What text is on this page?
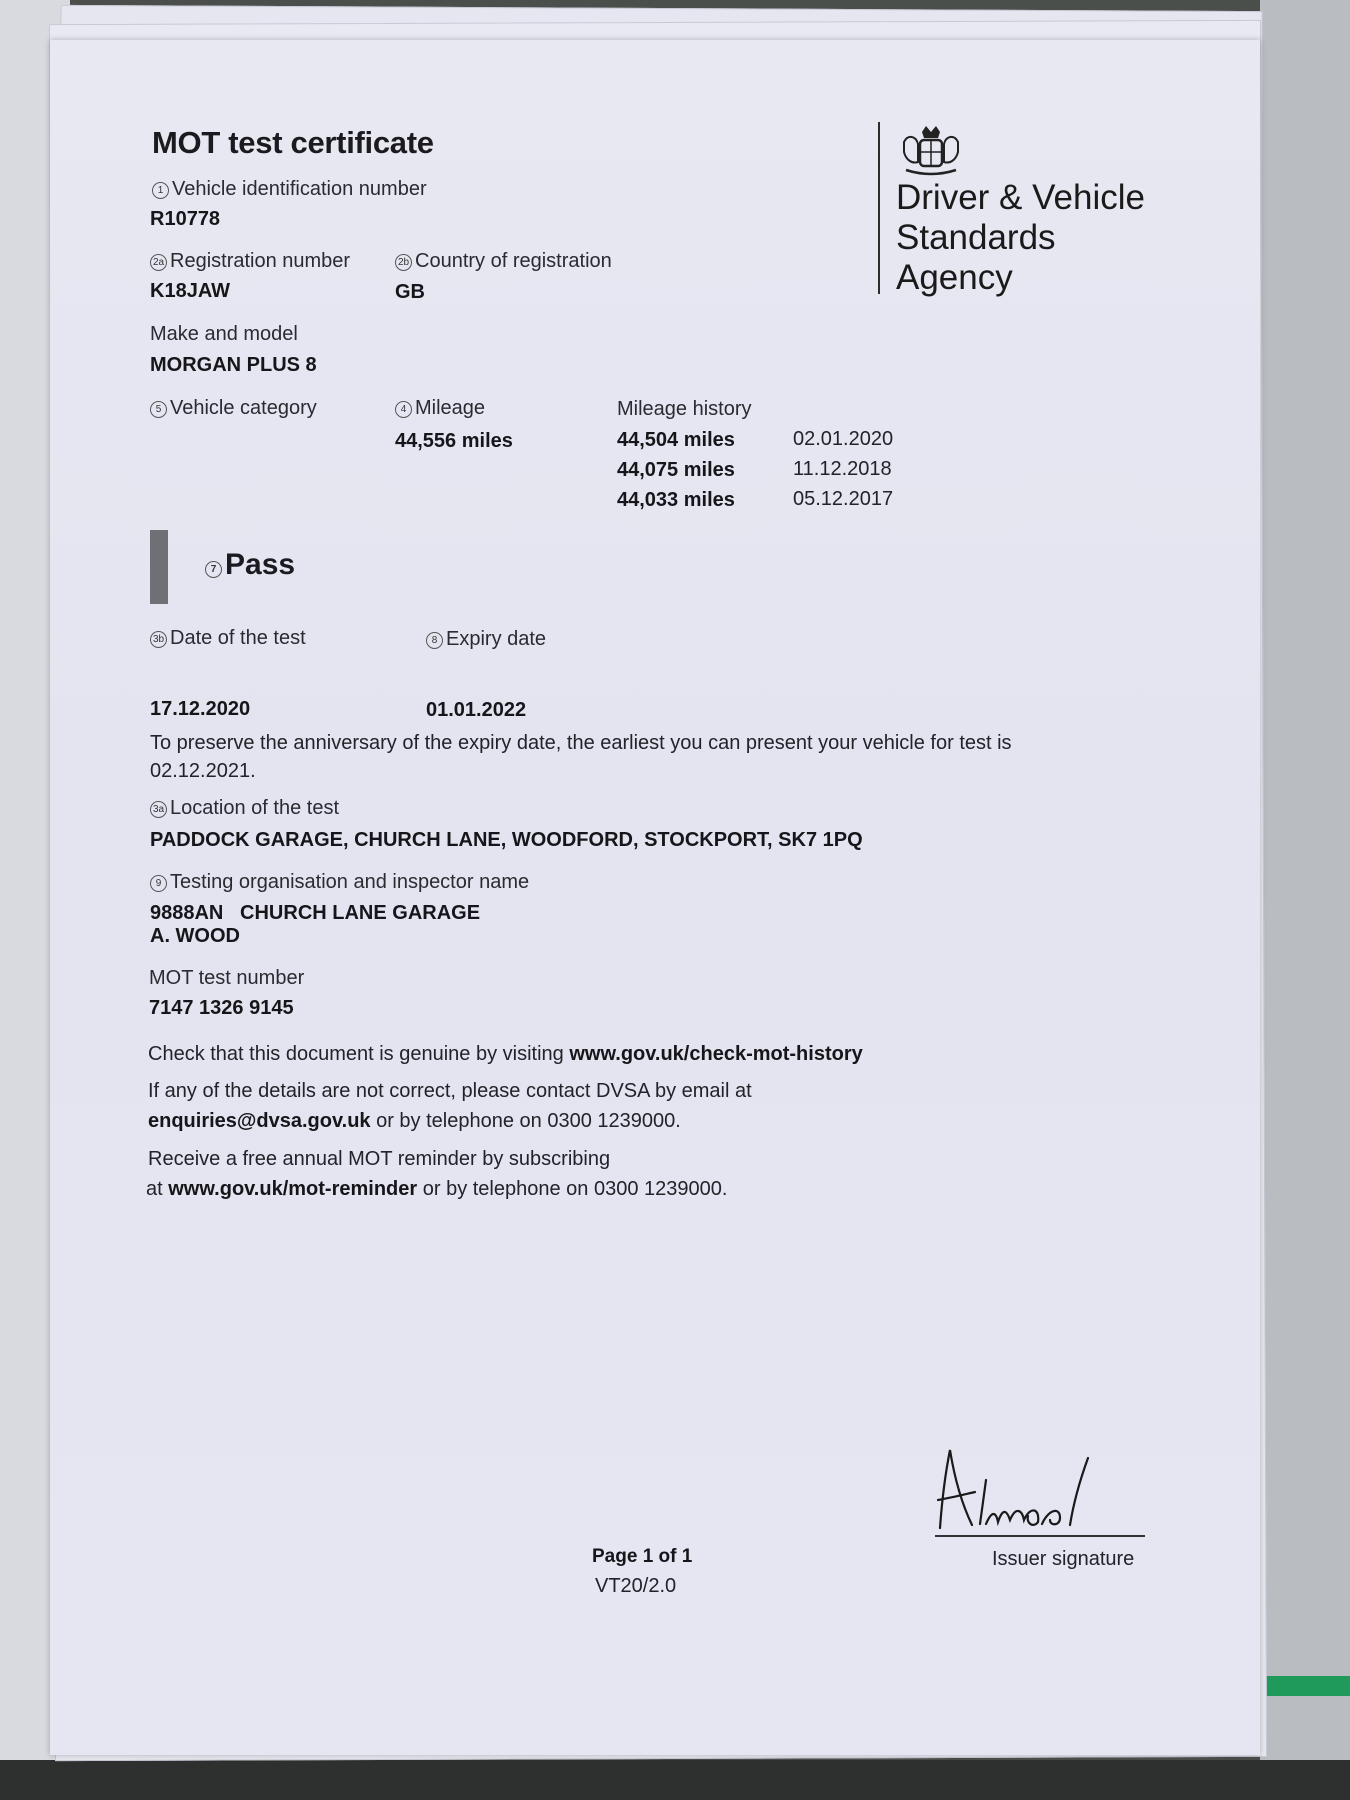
MOT test certificate
Driver & Vehicle
Standards
Agency
1 Vehicle identification number
R10778
2a Registration number
K18JAW
2b Country of registration
GB
Make and model
MORGAN PLUS 8
5 Vehicle category	4 Mileage
44,556 miles
Mileage history
44,504 miles	02.01.2020
44,075 miles	11.12.2018
44,033 miles	05.12.2017
7 Pass
3b Date of the test
17.12.2020
8 Expiry date
01.01.2022
To preserve the anniversary of the expiry date, the earliest you can present your vehicle for test is
02.12.2021.
3a Location of the test
PADDOCK GARAGE, CHURCH LANE, WOODFORD, STOCKPORT, SK7 1PQ
9 Testing organisation and inspector name
9888AN   CHURCH LANE GARAGE
A. WOOD
MOT test number
7147 1326 9145
Check that this document is genuine by visiting www.gov.uk/check-mot-history
If any of the details are not correct, please contact DVSA by email at
enquiries@dvsa.gov.uk or by telephone on 0300 1239000.
Receive a free annual MOT reminder by subscribing
at www.gov.uk/mot-reminder or by telephone on 0300 1239000.
Issuer signature
Page 1 of 1
VT20/2.0
